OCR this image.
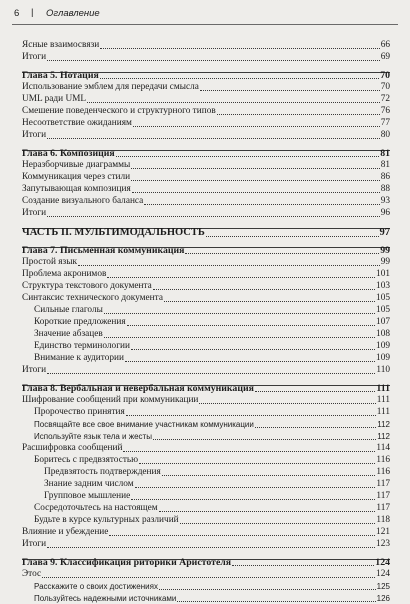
6 | Оглавление
Ясные взаимосвязи	66
Итоги	69
Глава 5. Нотация	70
Использование эмблем для передачи смысла	70
UML ради UML	72
Смешение поведенческого и структурного типов	76
Несоответствие ожиданиям	77
Итоги	80
Глава 6. Композиция	81
Неразборчивые диаграммы	81
Коммуникация через стили	86
Запутывающая композиция	88
Создание визуального баланса	93
Итоги	96
ЧАСТЬ II. МУЛЬТИМОДАЛЬНОСТЬ	97
Глава 7. Письменная коммуникация	99
Простой язык	99
Проблема акронимов	101
Структура текстового документа	103
Синтаксис технического документа	105
Сильные глаголы	105
Короткие предложения	107
Значение абзацев	108
Единство терминологии	109
Внимание к аудитории	109
Итоги	110
Глава 8. Вербальная и невербальная коммуникация	111
Шифрование сообщений при коммуникации	111
Пророчество принятия	111
Посвящайте все свое внимание участникам коммуникации	112
Используйте язык тела и жесты	112
Расшифровка сообщений	114
Боритесь с предвзятостью	116
Предвзятость подтверждения	116
Знание задним числом	117
Групповое мышление	117
Сосредоточьтесь на настоящем	117
Будьте в курсе культурных различий	118
Влияние и убеждение	121
Итоги	123
Глава 9. Классификация риторики Аристотеля	124
Этос	124
Расскажите о своих достижениях	125
Пользуйтесь надежными источниками	126
